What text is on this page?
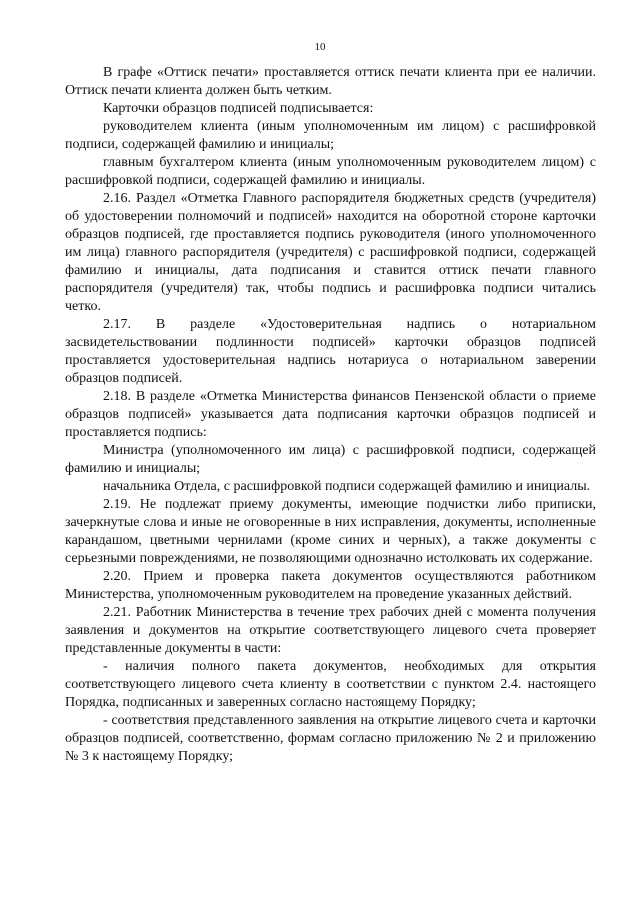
10

В графе «Оттиск печати» проставляется оттиск печати клиента при ее наличии. Оттиск печати клиента должен быть четким.

Карточки образцов подписей подписывается:

руководителем клиента (иным уполномоченным им лицом) с расшифровкой подписи, содержащей фамилию и инициалы;

главным бухгалтером клиента (иным уполномоченным руководителем лицом) с расшифровкой подписи, содержащей фамилию и инициалы.

2.16. Раздел «Отметка Главного распорядителя бюджетных средств (учредителя) об удостоверении полномочий и подписей» находится на оборотной стороне карточки образцов подписей, где проставляется подпись руководителя (иного уполномоченного им лица) главного распорядителя (учредителя) с расшифровкой подписи, содержащей фамилию и инициалы, дата подписания и ставится оттиск печати главного распорядителя (учредителя) так, чтобы подпись и расшифровка подписи читались четко.

2.17. В разделе «Удостоверительная надпись о нотариальном засвидетельствовании подлинности подписей» карточки образцов подписей проставляется удостоверительная надпись нотариуса о нотариальном заверении образцов подписей.

2.18. В разделе «Отметка Министерства финансов Пензенской области о приеме образцов подписей» указывается дата подписания карточки образцов подписей и проставляется подпись:

Министра (уполномоченного им лица) с расшифровкой подписи, содержащей фамилию и инициалы;

начальника Отдела, с расшифровкой подписи содержащей фамилию и инициалы.

2.19. Не подлежат приему документы, имеющие подчистки либо приписки, зачеркнутые слова и иные не оговоренные в них исправления, документы, исполненные карандашом, цветными чернилами (кроме синих и черных), а также документы с серьезными повреждениями, не позволяющими однозначно истолковать их содержание.

2.20. Прием и проверка пакета документов осуществляются работником Министерства, уполномоченным руководителем на проведение указанных действий.

2.21. Работник Министерства в течение трех рабочих дней с момента получения заявления и документов на открытие соответствующего лицевого счета проверяет представленные документы в части:

- наличия полного пакета документов, необходимых для открытия соответствующего лицевого счета клиенту в соответствии с пунктом 2.4. настоящего Порядка, подписанных и заверенных согласно настоящему Порядку;

- соответствия представленного заявления на открытие лицевого счета и карточки образцов подписей, соответственно, формам согласно приложению № 2 и приложению № 3 к настоящему Порядку;
